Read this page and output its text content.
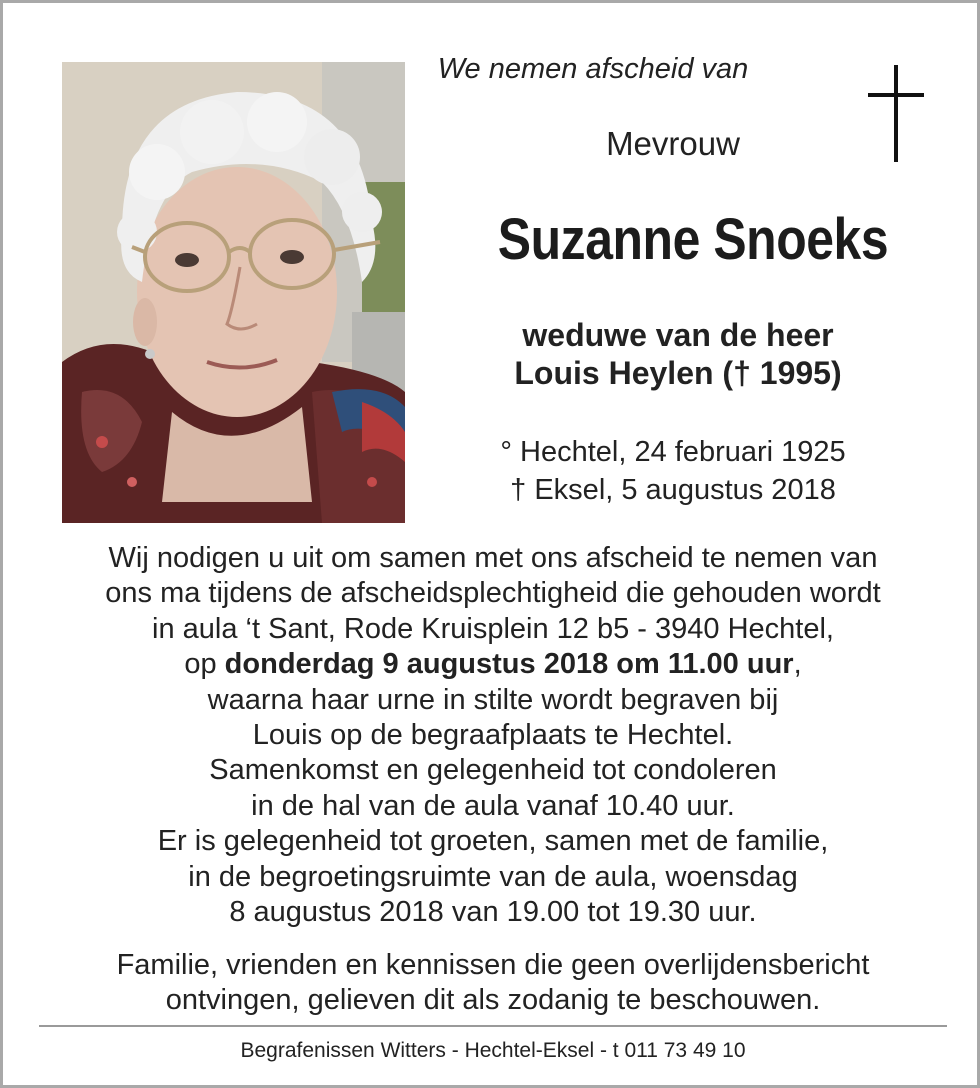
We nemen afscheid van
Mevrouw
Suzanne Snoeks
weduwe van de heer
Louis Heylen († 1995)
° Hechtel, 24 februari 1925
† Eksel, 5 augustus 2018
Wij nodigen u uit om samen met ons afscheid te nemen van
ons ma tijdens de afscheidsplechtigheid die gehouden wordt
in aula ‘t Sant, Rode Kruisplein 12 b5 - 3940 Hechtel,
op donderdag 9 augustus 2018 om 11.00 uur,
waarna haar urne in stilte wordt begraven bij
Louis op de begraafplaats te Hechtel.
Samenkomst en gelegenheid tot condoleren
in de hal van de aula vanaf 10.40 uur.
Er is gelegenheid tot groeten, samen met de familie,
in de begroetingsruimte van de aula, woensdag
8 augustus 2018 van 19.00 tot 19.30 uur.
Familie, vrienden en kennissen die geen overlijdensbericht
ontvingen, gelieven dit als zodanig te beschouwen.
Begrafenissen Witters - Hechtel-Eksel - t 011 73 49 10
